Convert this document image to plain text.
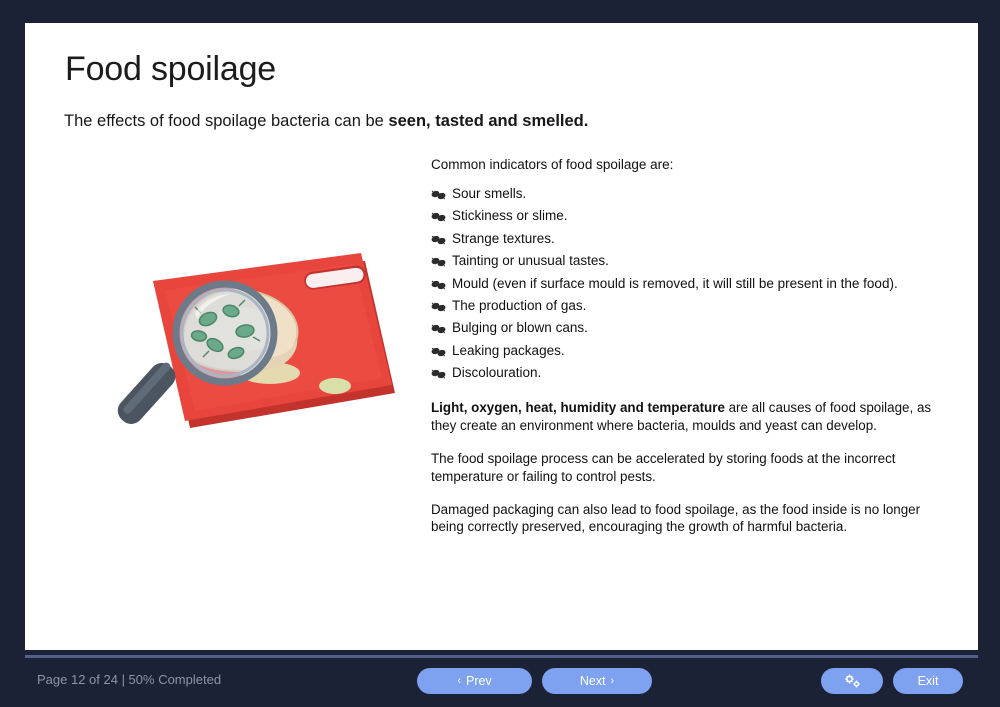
Food spoilage

The effects of food spoilage bacteria can be seen, tasted and smelled.

Common indicators of food spoilage are:
Sour smells.
Stickiness or slime.
Strange textures.
Tainting or unusual tastes.
Mould (even if surface mould is removed, it will still be present in the food).
The production of gas.
Bulging or blown cans.
Leaking packages.
Discolouration.

Light, oxygen, heat, humidity and temperature are all causes of food spoilage, as they create an environment where bacteria, moulds and yeast can develop.

The food spoilage process can be accelerated by storing foods at the incorrect temperature or failing to control pests.

Damaged packaging can also lead to food spoilage, as the food inside is no longer being correctly preserved, encouraging the growth of harmful bacteria.

Page 12 of 24 | 50% Completed	‹ Prev	Next ›	Exit
